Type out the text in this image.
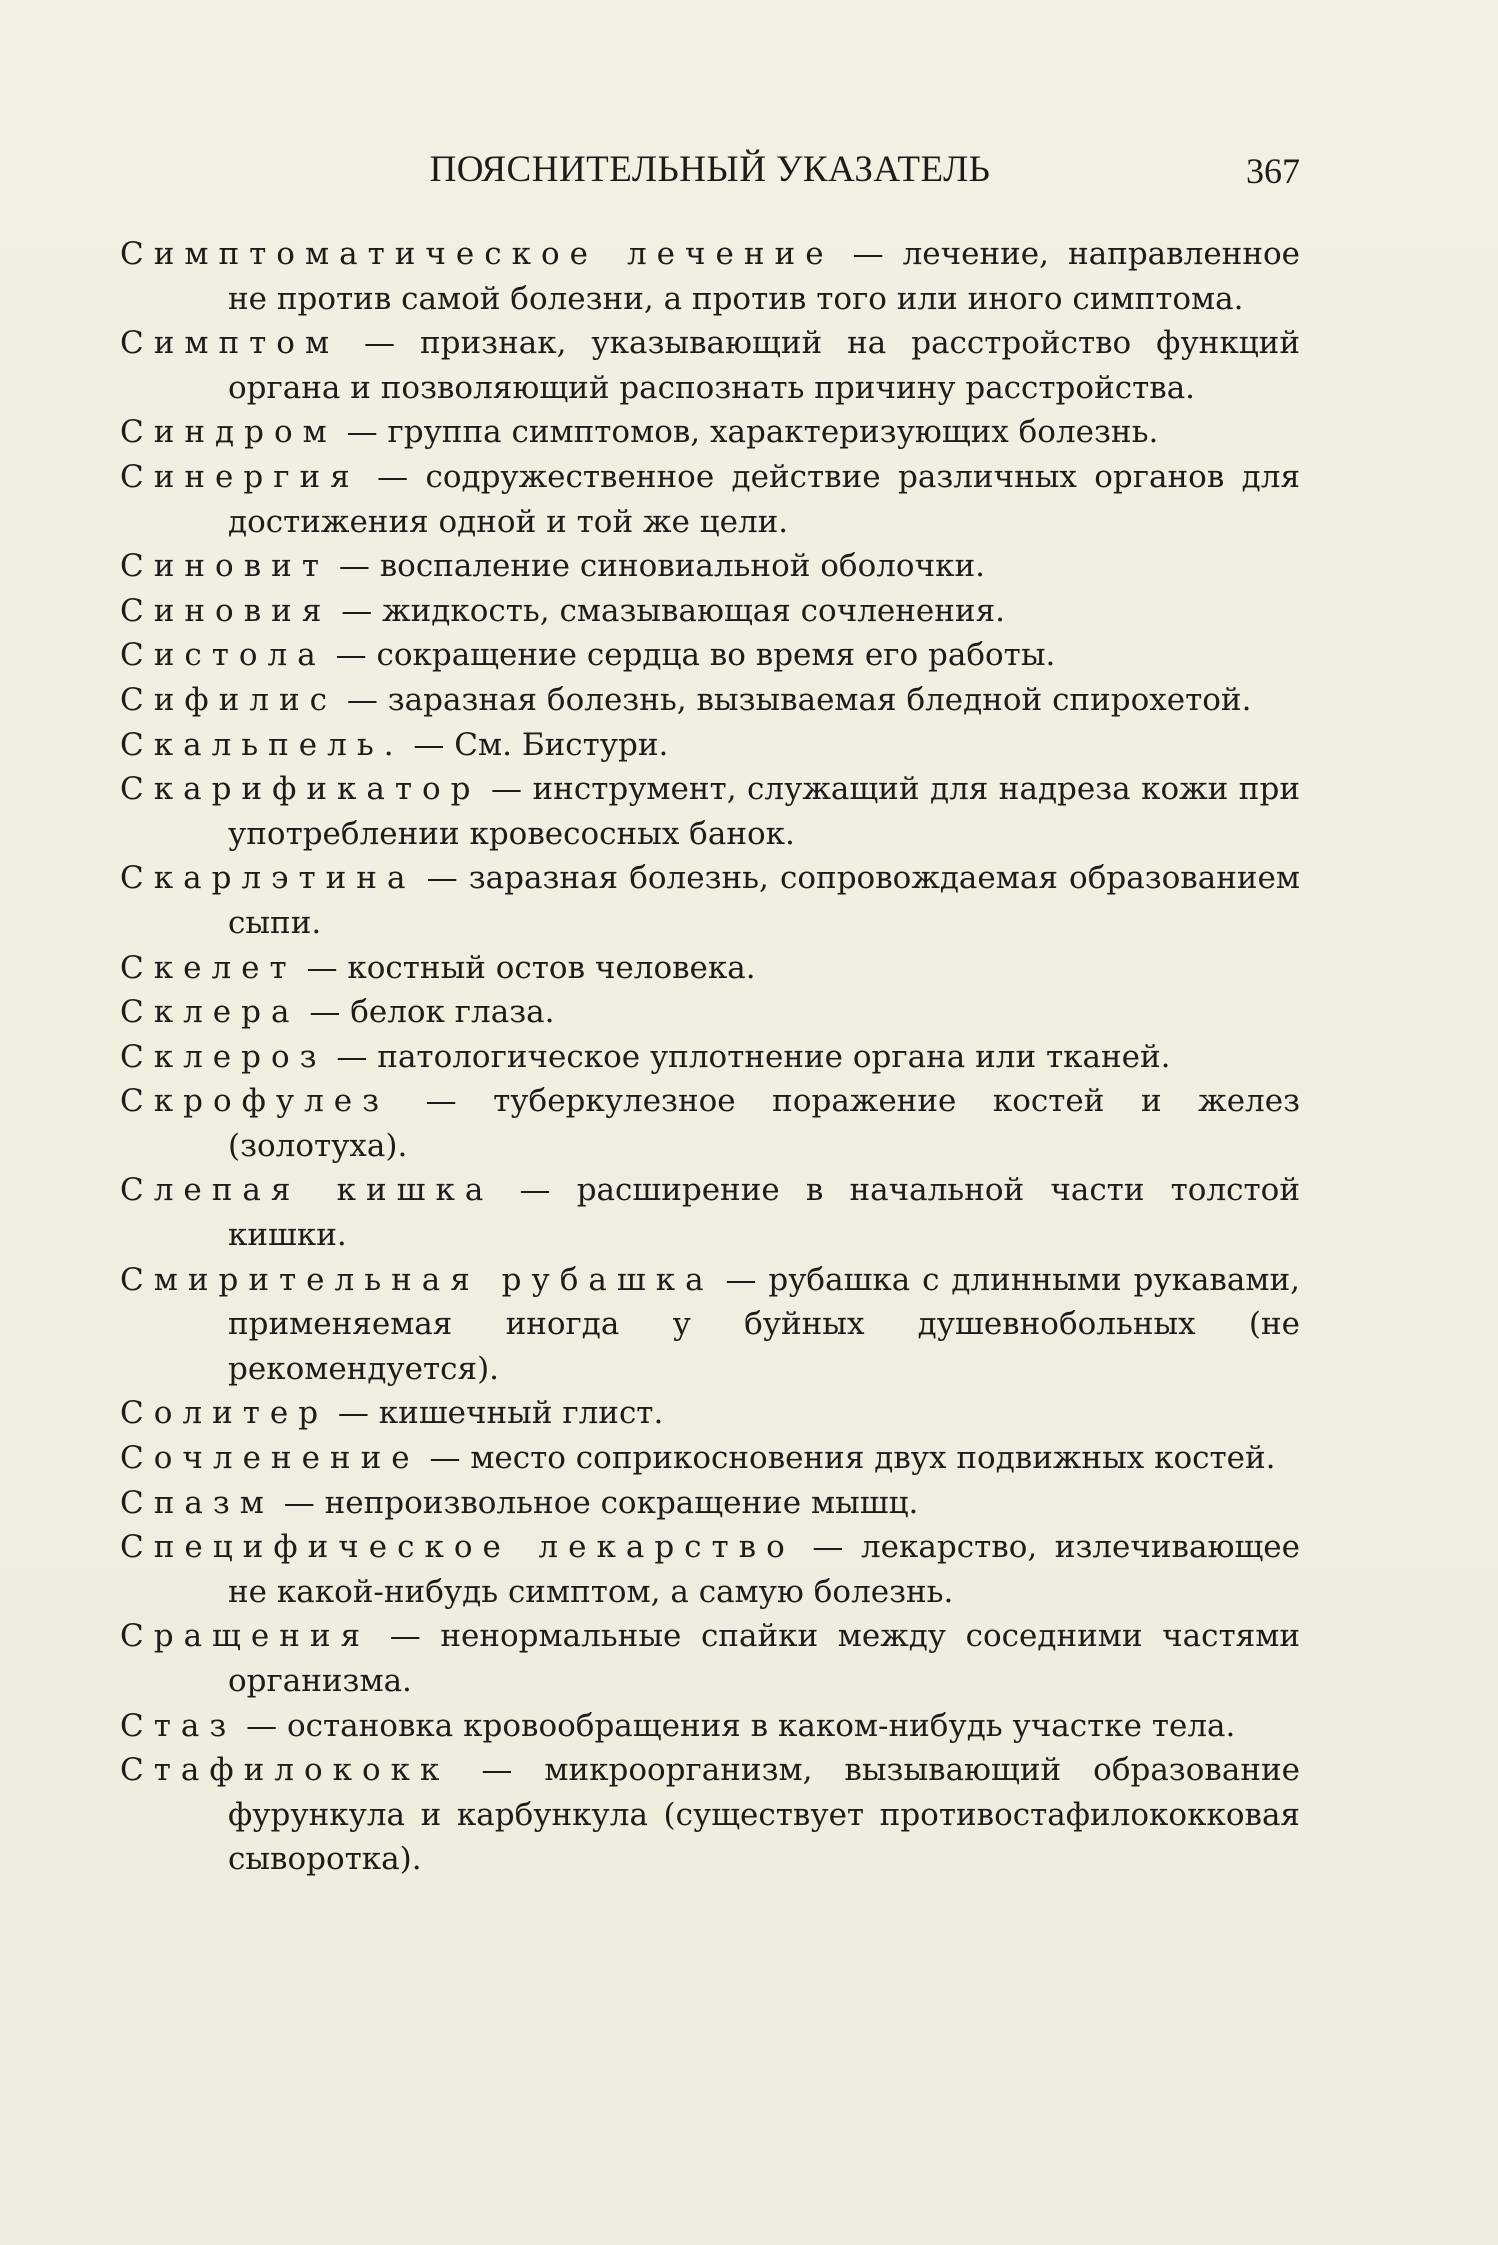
ПОЯСНИТЕЛЬНЫЙ УКАЗАТЕЛЬ	367

Симптоматическое лечение — лечение, направленное не против самой болезни, а против того или иного симптома.

Симптом — признак, указывающий на расстройство функций органа и позволяющий распознать причину расстройства.

Синдром — группа симптомов, характеризующих болезнь.

Синергия — содружественное действие различных органов для достижения одной и той же цели.

Синовит — воспаление синовиальной оболочки.

Синовия — жидкость, смазывающая сочленения.

Систола — сокращение сердца во время его работы.

Сифилис — заразная болезнь, вызываемая бледной спирохетой.

Скальпель. — См. Бистури.

Скарификатор — инструмент, служащий для надреза кожи при употреблении кровесосных банок.

Скарлэтина — заразная болезнь, сопровождаемая образованием сыпи.

Скелет — костный остов человека.

Склера — белок глаза.

Склероз — патологическое уплотнение органа или тканей.

Скрофулез — туберкулезное поражение костей и желез (золотуха).

Слепая кишка — расширение в начальной части толстой кишки.

Смирительная рубашка — рубашка с длинными рукавами, применяемая иногда у буйных душевнобольных (не рекомендуется).

Солитер — кишечный глист.

Сочленение — место соприкосновения двух подвижных костей.

Спазм — непроизвольное сокращение мышц.

Специфическое лекарство — лекарство, излечивающее не какой-нибудь симптом, а самую болезнь.

Сращения — ненормальные спайки между соседними частями организма.

Стаз — остановка кровообращения в каком-нибудь участке тела.

Стафилококк — микроорганизм, вызывающий образование фурункула и карбункула (существует противостафилококковая сыворотка).
